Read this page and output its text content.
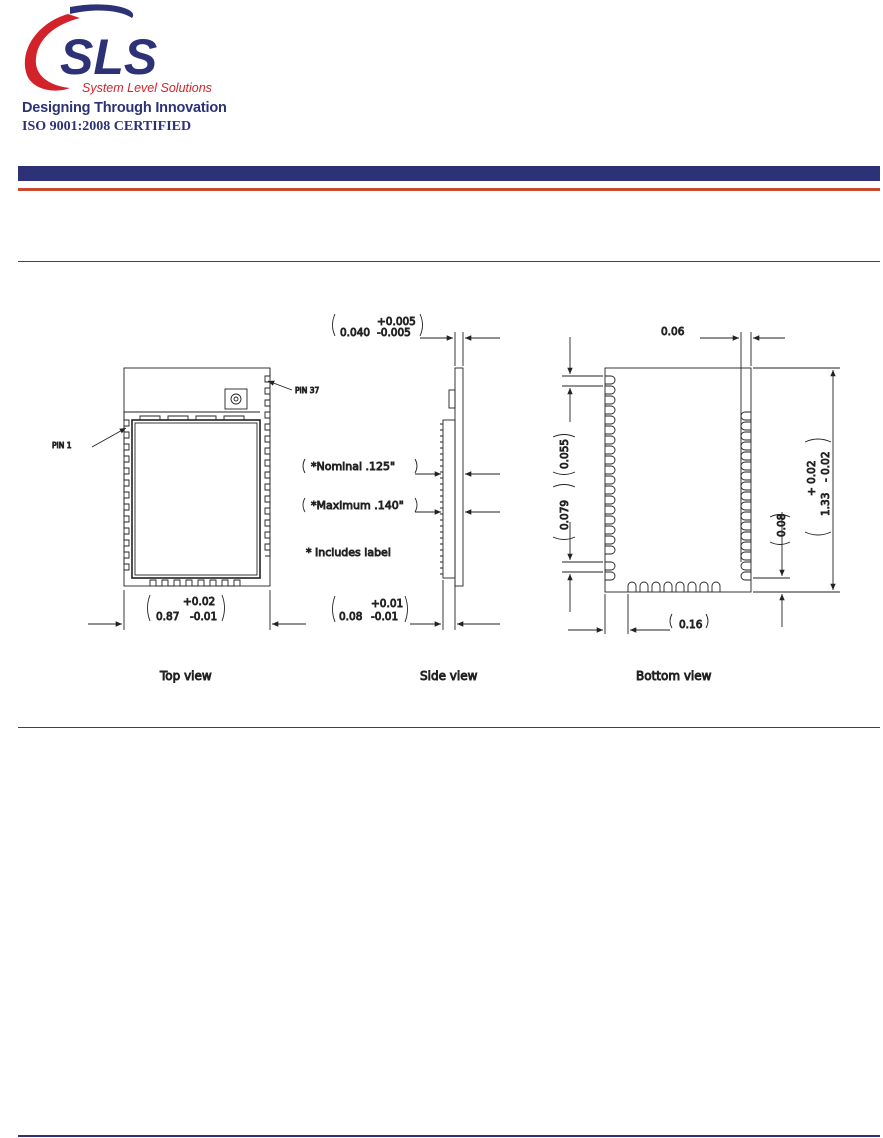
SLS
System Level Solutions
Designing Through Innovation
ISO 9001:2008 CERTIFIED
PIN 1
PIN 37
+0.02
0.87 -0.01
Top view
+0.005
0.040 -0.005
*Nominal .125"
*Maximum .140"
* Includes label
+0.01
0.08 -0.01
Side view
0.06
0.055
0.079	0.08
+ 0.02
1.33
- 0.02
0.16
Bottom view
